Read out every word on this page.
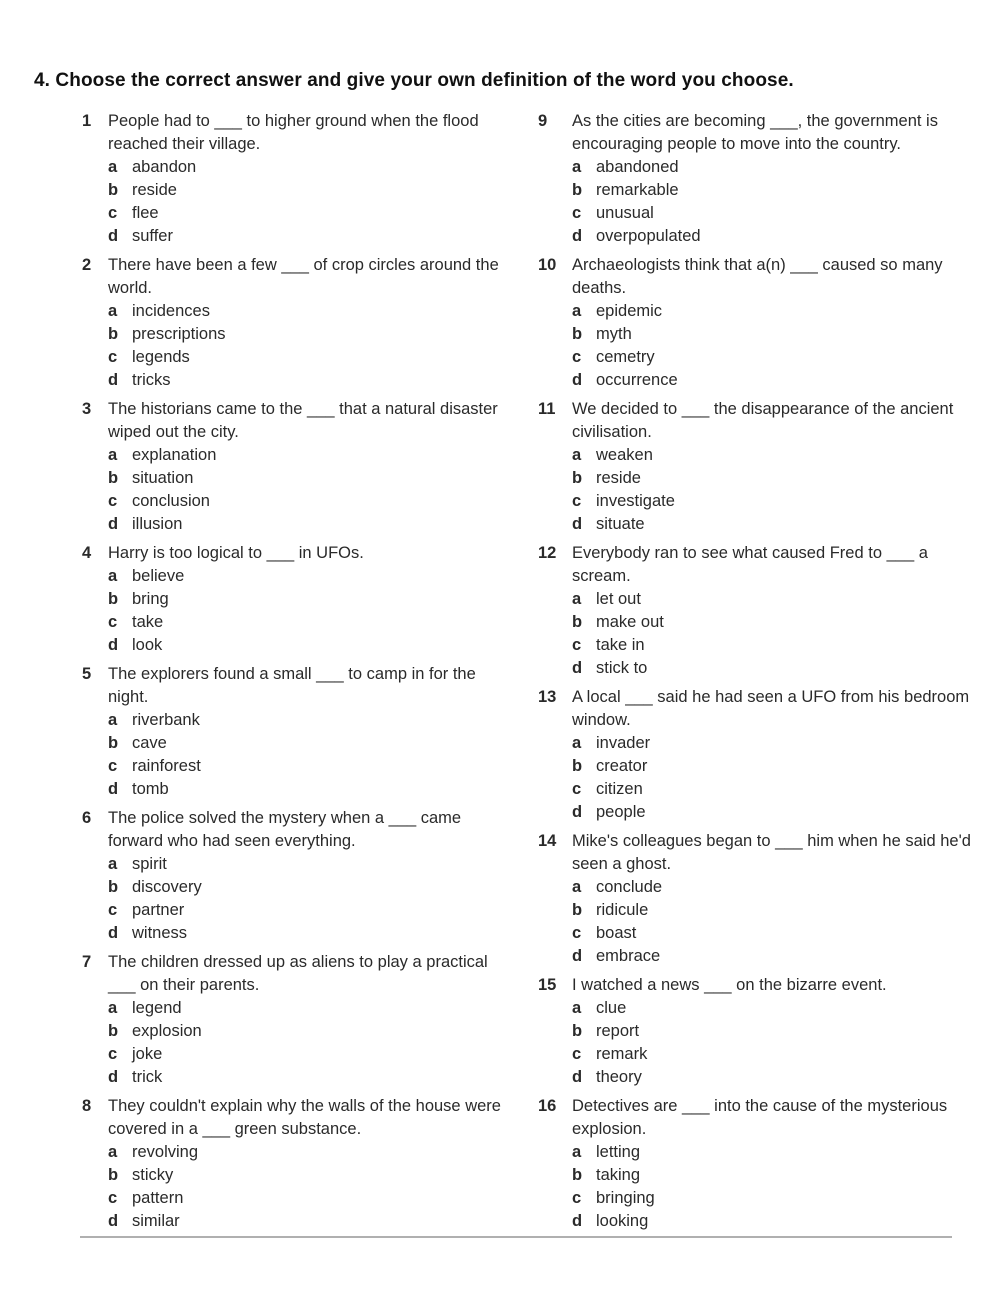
4. Choose the correct answer and give your own definition of the word you choose.
1	People had to ___ to higher ground when the flood reached their village.
a abandon
b reside
c flee
d suffer
2	There have been a few ___ of crop circles around the world.
a incidences
b prescriptions
c legends
d tricks
3	The historians came to the ___ that a natural disaster wiped out the city.
a explanation
b situation
c conclusion
d illusion
4	Harry is too logical to ___ in UFOs.
a believe
b bring
c take
d look
5	The explorers found a small ___ to camp in for the night.
a riverbank
b cave
c rainforest
d tomb
6	The police solved the mystery when a ___ came forward who had seen everything.
a spirit
b discovery
c partner
d witness
7	The children dressed up as aliens to play a practical ___ on their parents.
a legend
b explosion
c joke
d trick
8	They couldn't explain why the walls of the house were covered in a ___ green substance.
a revolving
b sticky
c pattern
d similar
9	As the cities are becoming ___, the government is encouraging people to move into the country.
a abandoned
b remarkable
c unusual
d overpopulated
10 Archaeologists think that a(n) ___ caused so many deaths.
a epidemic
b myth
c cemetry
d occurrence
11	We decided to ___ the disappearance of the ancient civilisation.
a weaken
b reside
c investigate
d situate
12 Everybody ran to see what caused Fred to ___ a scream.
a let out
b make out
c take in
d stick to
13 A local ___ said he had seen a UFO from his bedroom window.
a invader
b creator
c citizen
d people
14 Mike's colleagues began to ___ him when he said he'd seen a ghost.
a conclude
b ridicule
c boast
d embrace
15 I watched a news ___ on the bizarre event.
a clue
b report
c remark
d theory
16 Detectives are ___ into the cause of the mysterious explosion.
a letting
b taking
c bringing
d looking
